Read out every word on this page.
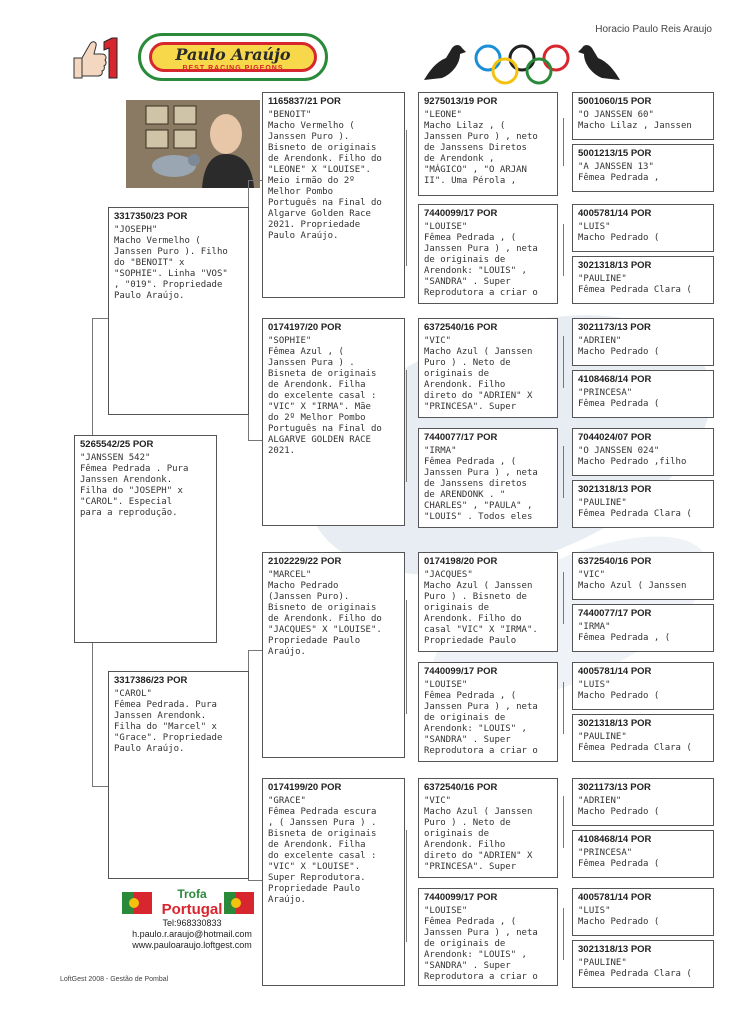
Horacio Paulo Reis Araujo
Paulo Araújo
BEST RACING PIGEONS
5265542/25 POR
"JANSSEN 542"
Fêmea Pedrada . Pura
Janssen Arendonk.
Filha do "JOSEPH" x
"CAROL". Especial
para a reprodução.
3317350/23 POR
"JOSEPH"
Macho Vermelho (
Janssen Puro ). Filho
do "BENOIT" x
"SOPHIE". Linha "VOS"
, "019". Propriedade
Paulo Araújo.
3317386/23 POR
"CAROL"
Fêmea Pedrada. Pura
Janssen Arendonk.
Filha do "Marcel" x
"Grace". Propriedade
Paulo Araújo.
1165837/21 POR
"BENOIT"
Macho Vermelho (
Janssen Puro ).
Bisneto de originais
de Arendonk. Filho do
"LEONE" X "LOUISE".
Meio irmão do 2º
Melhor Pombo
Português na Final do
Algarve Golden Race
2021. Propriedade
Paulo Araújo.
0174197/20 POR
"SOPHIE"
Fêmea Azul , (
Janssen Pura ) .
Bisneta de originais
de Arendonk. Filha
do excelente casal :
"VIC" X "IRMA". Mãe
do 2º Melhor Pombo
Português na Final do
ALGARVE GOLDEN RACE
2021.
2102229/22 POR
"MARCEL"
Macho Pedrado
(Janssen Puro).
Bisneto de originais
de Arendonk. Filho do
"JACQUES" X "LOUISE".
Propriedade Paulo
Araújo.
0174199/20 POR
"GRACE"
Fêmea Pedrada escura
, ( Janssen Pura ) .
Bisneta de originais
de Arendonk. Filha
do excelente casal :
"VIC" X "LOUISE".
Super Reprodutora.
Propriedade Paulo
Araújo.
9275013/19 POR
"LEONE"
Macho Lilaz , (
Janssen Puro ) , neto
de Janssens Diretos
de Arendonk ,
"MÁGICO" , "O ARJAN
II". Uma Pérola ,
7440099/17 POR
"LOUISE"
Fêmea Pedrada , (
Janssen Pura ) , neta
de originais de
Arendonk: "LOUIS" ,
"SANDRA" . Super
Reprodutora a criar o
6372540/16 POR
"VIC"
Macho Azul ( Janssen
Puro ) . Neto de
originais de
Arendonk. Filho
direto do "ADRIEN" X
"PRINCESA". Super
7440077/17 POR
"IRMA"
Fêmea Pedrada , (
Janssen Pura ) , neta
de Janssens diretos
de ARENDONK . "
CHARLES" , "PAULA" ,
"LOUIS" . Todos eles
0174198/20 POR
"JACQUES"
Macho Azul ( Janssen
Puro ) . Bisneto de
originais de
Arendonk. Filho do
casal "VIC" X "IRMA".
Propriedade Paulo
7440099/17 POR
"LOUISE"
Fêmea Pedrada , (
Janssen Pura ) , neta
de originais de
Arendonk: "LOUIS" ,
"SANDRA" . Super
Reprodutora a criar o
6372540/16 POR
"VIC"
Macho Azul ( Janssen
Puro ) . Neto de
originais de
Arendonk. Filho
direto do "ADRIEN" X
"PRINCESA". Super
7440099/17 POR
"LOUISE"
Fêmea Pedrada , (
Janssen Pura ) , neta
de originais de
Arendonk: "LOUIS" ,
"SANDRA" . Super
Reprodutora a criar o
5001060/15 POR
"O JANSSEN 60"
Macho Lilaz , Janssen
5001213/15 POR
"A JANSSEN 13"
Fêmea Pedrada ,
4005781/14 POR
"LUIS"
Macho Pedrado (
3021318/13 POR
"PAULINE"
Fêmea Pedrada Clara (
3021173/13 POR
"ADRIEN"
Macho Pedrado (
4108468/14 POR
"PRINCESA"
Fêmea Pedrada (
7044024/07 POR
"O JANSSEN 024"
Macho Pedrado ,filho
3021318/13 POR
"PAULINE"
Fêmea Pedrada Clara (
6372540/16 POR
"VIC"
Macho Azul ( Janssen
7440077/17 POR
"IRMA"
Fêmea Pedrada , (
4005781/14 POR
"LUIS"
Macho Pedrado (
3021318/13 POR
"PAULINE"
Fêmea Pedrada Clara (
3021173/13 POR
"ADRIEN"
Macho Pedrado (
4108468/14 POR
"PRINCESA"
Fêmea Pedrada (
4005781/14 POR
"LUIS"
Macho Pedrado (
3021318/13 POR
"PAULINE"
Fêmea Pedrada Clara (
Trofa
Portugal
Tel:968330833
h.paulo.r.araujo@hotmail.com
www.pauloaraujo.loftgest.com
LoftGest 2008 - Gestão de Pombal
